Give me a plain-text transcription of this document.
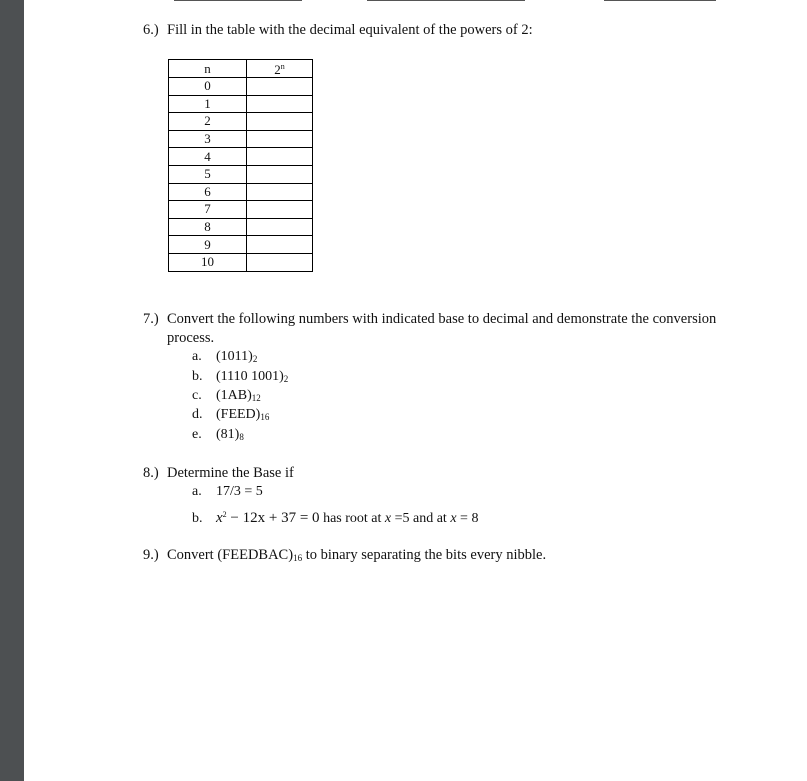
6.) Fill in the table with the decimal equivalent of the powers of 2:
n	2$^n$
0	
1	
2	
3	
4	
5	
6	
7	
8	
9	
10	
7.) Convert the following numbers with indicated base to decimal and demonstrate the conversion
process.
a. $(1011)_2$
b. (1110 $1001)_2$
c. $(1AB)_{12}$
d. $(FEED)_{16}$
e. $(81)_8$
8.) Determine the Base if
a. 17/3 = 5
b. $x^2 - 12x + 37 = 0$ has root at x =5 and at x = 8
9.) Convert $(FEEDBAC)_{16}$ to binary separating the bits every nibble.
